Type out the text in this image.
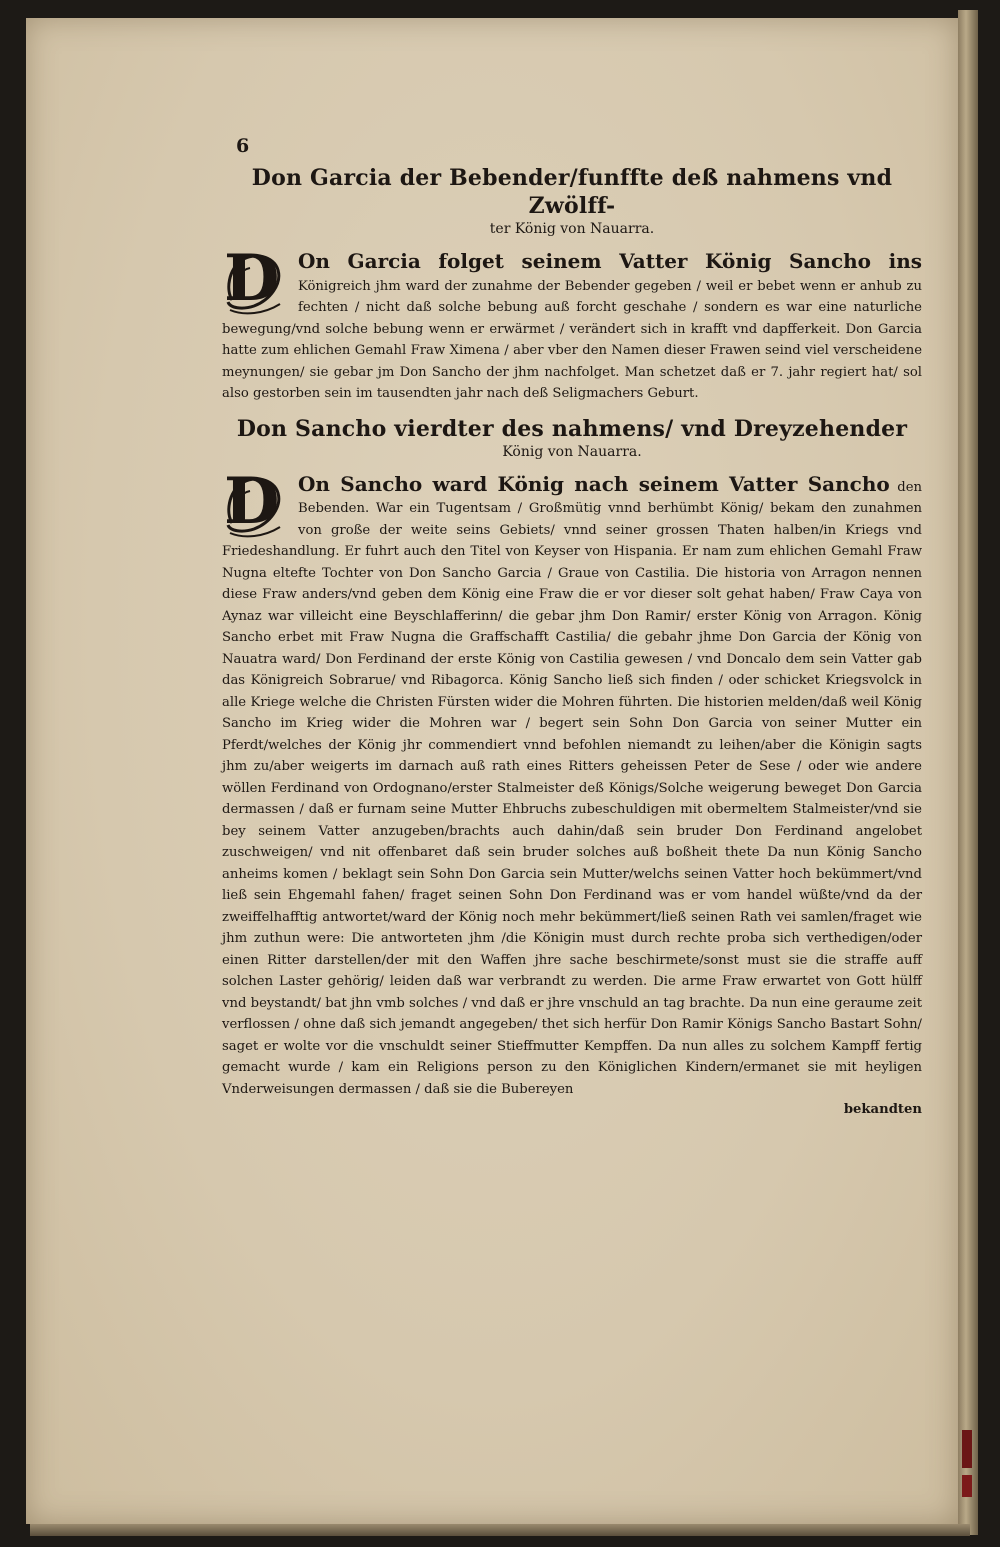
6
Don Garcia der Bebender/funffte deß nahmens vnd Zwölff-
ter König von Nauarra.

D On Garcia folget seinem Vatter König Sancho ins Königreich jhm ward der zunahme der Bebender gegeben / weil er bebet wenn er anhub zu fechten / nicht daß solche bebung auß forcht geschahe / sondern es war eine naturliche bewegung/vnd solche bebung wenn er erwärmet / verändert sich in krafft vnd dapfferkeit. Don Garcia hatte zum ehlichen Gemahl Fraw Ximena / aber vber den Namen dieser Frawen seind viel verscheidene meynungen/ sie gebar jm Don Sancho der jhm nachfolget. Man schetzet daß er 7. jahr regiert hat/ sol also gestorben sein im tausendten jahr nach deß Seligmachers Geburt.

Don Sancho vierdter des nahmens/ vnd Dreyzehender
König von Nauarra.

D On Sancho ward König nach seinem Vatter Sancho den Bebenden. War ein Tugentsam / Großmütig vnnd berhümbt König/ bekam den zunahmen von große der weite seins Gebiets/ vnnd seiner grossen Thaten halben/in Kriegs vnd Friedeshandlung. Er fuhrt auch den Titel von Keyser von Hispania. Er nam zum ehlichen Gemahl Fraw Nugna eltefte Tochter von Don Sancho Garcia / Graue von Castilia. Die historia von Arragon nennen diese Fraw anders/vnd geben dem König eine Fraw die er vor dieser solt gehat haben/ Fraw Caya von Aynaz war villeicht eine Beyschlafferinn/ die gebar jhm Don Ramir/ erster König von Arragon. König Sancho erbet mit Fraw Nugna die Graffschafft Castilia/ die gebahr jhme Don Garcia der König von Nauatra ward/ Don Ferdinand der erste König von Castilia gewesen / vnd Doncalo dem sein Vatter gab das Königreich Sobrarue/ vnd Ribagorca. König Sancho ließ sich finden / oder schicket Kriegsvolck in alle Kriege welche die Christen Fürsten wider die Mohren führten. Die historien melden/daß weil König Sancho im Krieg wider die Mohren war / begert sein Sohn Don Garcia von seiner Mutter ein Pferdt/welches der König jhr commendiert vnnd befohlen niemandt zu leihen/aber die Königin sagts jhm zu/aber weigerts im darnach auß rath eines Ritters geheissen Peter de Sese / oder wie andere wöllen Ferdinand von Ordognano/erster Stalmeister deß Königs/Solche weigerung beweget Don Garcia dermassen / daß er furnam seine Mutter Ehbruchs zubeschuldigen mit obermeltem Stalmeister/vnd sie bey seinem Vatter anzugeben/brachts auch dahin/daß sein bruder Don Ferdinand angelobet zuschweigen/ vnd nit offenbaret daß sein bruder solches auß boßheit thete Da nun König Sancho anheims komen / beklagt sein Sohn Don Garcia sein Mutter/welchs seinen Vatter hoch bekümmert/vnd ließ sein Ehgemahl fahen/ fraget seinen Sohn Don Ferdinand was er vom handel wüßte/vnd da der zweiffelhafftig antwortet/ward der König noch mehr bekümmert/ließ seinen Rath vei samlen/fraget wie jhm zuthun were: Die antworteten jhm /die Königin must durch rechte proba sich verthedigen/oder einen Ritter darstellen/der mit den Waffen jhre sache beschirmete/sonst must sie die straffe auff solchen Laster gehörig/ leiden daß war verbrandt zu werden. Die arme Fraw erwartet von Gott hülff vnd beystandt/ bat jhn vmb solches / vnd daß er jhre vnschuld an tag brachte. Da nun eine geraume zeit verflossen / ohne daß sich jemandt angegeben/ thet sich herfür Don Ramir Königs Sancho Bastart Sohn/ saget er wolte vor die vnschuldt seiner Stieffmutter Kempffen. Da nun alles zu solchem Kampff fertig gemacht wurde / kam ein Religions person zu den Königlichen Kindern/ermanet sie mit heyligen Vnderweisungen dermassen / daß sie die Bubereyen

bekandten
